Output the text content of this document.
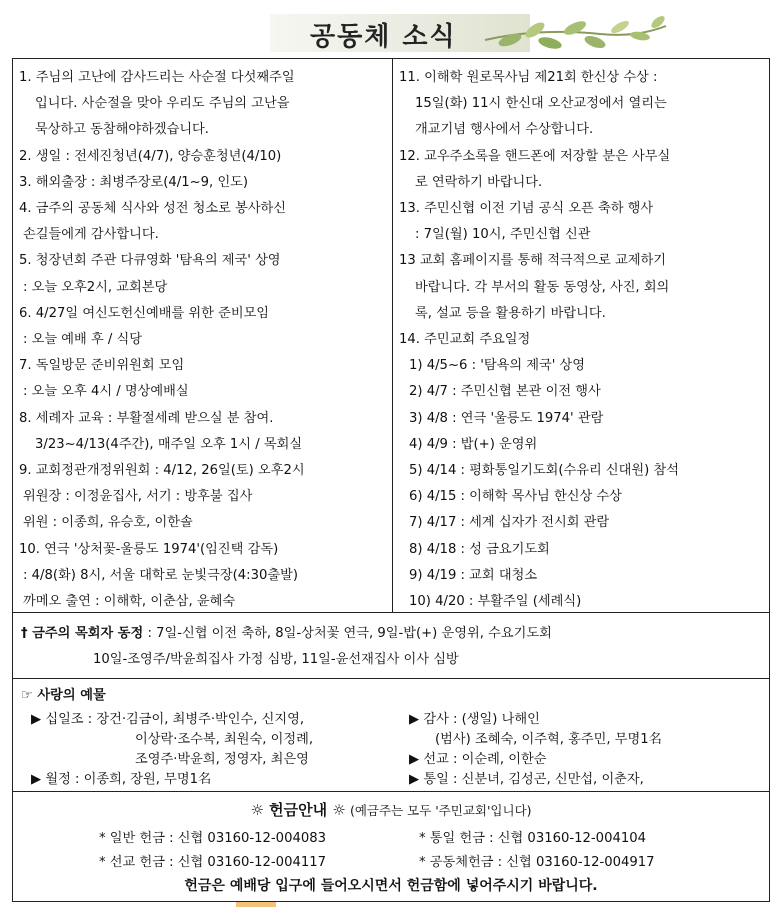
공동체 소식
1. 주님의 고난에 감사드리는 사순절 다섯째주일
입니다. 사순절을 맞아 우리도 주님의 고난을
묵상하고 동참해야하겠습니다.
2. 생일 : 전세진청년(4/7), 양승훈청년(4/10)
3. 해외출장 : 최병주장로(4/1~9, 인도)
4. 금주의 공동체 식사와 성전 청소로 봉사하신
손길들에게 감사합니다.
5. 청장년회 주관 다큐영화 '탐욕의 제국' 상영
: 오늘 오후2시, 교회본당
6. 4/27일 여신도헌신예배를 위한 준비모임
: 오늘 예배 후 / 식당
7. 독일방문 준비위원회 모임
: 오늘 오후 4시 / 명상예배실
8. 세례자 교육 : 부활절세례 받으실 분 참여.
3/23~4/13(4주간), 매주일 오후 1시 / 목회실
9. 교회정관개정위원회 : 4/12, 26일(토) 오후2시
위원장 : 이정윤집사, 서기 : 방후불 집사
위원 : 이종희, 유승호, 이한솔
10. 연극 '상처꽃-울릉도 1974'(임진택 감독)
: 4/8(화) 8시, 서울 대학로 눈빛극장(4:30출발)
까메오 출연 : 이해학, 이춘삼, 윤혜숙
11. 이해학 원로목사님 제21회 한신상 수상 :
15일(화) 11시 한신대 오산교정에서 열리는
개교기념 행사에서 수상합니다.
12. 교우주소록을 핸드폰에 저장할 분은 사무실
로 연락하기 바랍니다.
13. 주민신협 이전 기념 공식 오픈 축하 행사
: 7일(월) 10시, 주민신협 신관
13 교회 홈페이지를 통해 적극적으로 교제하기
바랍니다. 각 부서의 활동 동영상, 사진, 회의
록, 설교 등을 활용하기 바랍니다.
14. 주민교회 주요일정
1) 4/5~6 : '탐욕의 제국' 상영
2) 4/7 : 주민신협 본관 이전 행사
3) 4/8 : 연극 '울릉도 1974' 관람
4) 4/9 : 밥(+) 운영위
5) 4/14 : 평화통일기도회(수유리 신대원) 참석
6) 4/15 : 이해학 목사님 한신상 수상
7) 4/17 : 세계 십자가 전시회 관람
8) 4/18 : 성 금요기도회
9) 4/19 : 교회 대청소
10) 4/20 : 부활주일 (세례식)
† 금주의 목회자 동정 : 7일-신협 이전 축하, 8일-상처꽃 연극, 9일-밥(+) 운영위, 수요기도회
10일-조영주/박윤희집사 가정 심방, 11일-윤선재집사 이사 심방
☞ 사랑의 예물
▶ 십일조 : 장건·김금이, 최병주·박인수, 신지영,
이상락·조수복, 최원숙, 이정례,
조영주·박윤희, 정영자, 최은영
▶ 월정 : 이종희, 장원, 무명1名
▶ 감사 : (생일) 나해인
(범사) 조혜숙, 이주혁, 홍주민, 무명1名
▶ 선교 : 이순례, 이한순
▶ 통일 : 신분녀, 김성곤, 신만섭, 이춘자,
☼ 헌금안내 ☼ (예금주는 모두 '주민교회'입니다)
* 일반 헌금 : 신협 03160-12-004083	* 통일 헌금 : 신협 03160-12-004104
* 선교 헌금 : 신협 03160-12-004117	* 공동체헌금 : 신협 03160-12-004917
헌금은 예배당 입구에 들어오시면서 헌금함에 넣어주시기 바랍니다.
